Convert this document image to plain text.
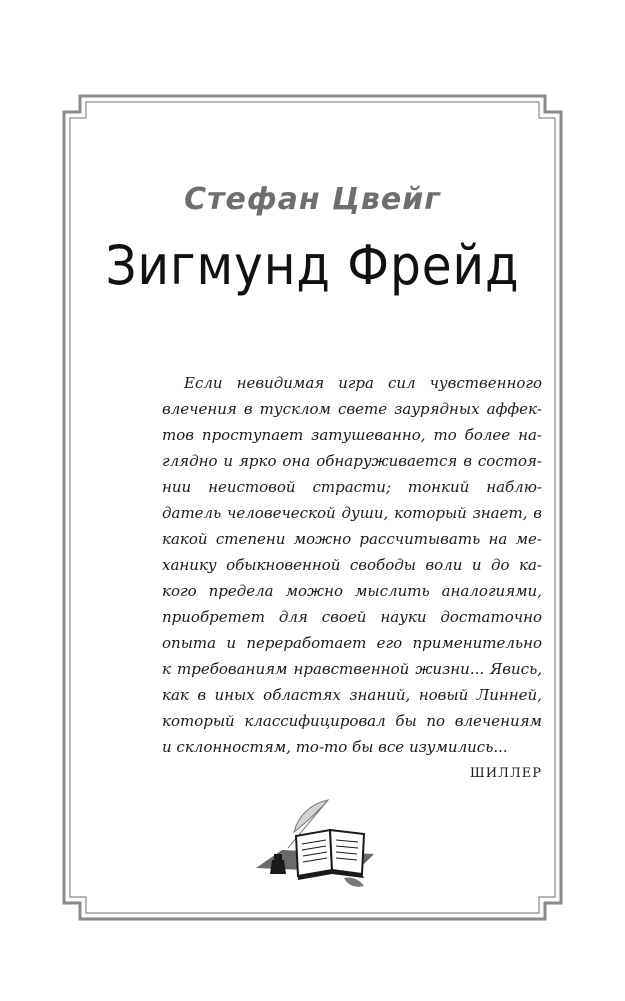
Стефан Цвейг
Зигмунд Фрейд
Если невидимая игра сил чувственного
влечения в тусклом свете заурядных аффек-
тов проступает затушеванно, то более на-
глядно и ярко она обнаруживается в состоя-
нии неистовой страсти; тонкий наблю-
датель человеческой души, который знает, в
какой степени можно рассчитывать на ме-
ханику обыкновенной свободы воли и до ка-
кого предела можно мыслить аналогиями,
приобретет для своей науки достаточно
опыта и переработает его применительно
к требованиям нравственной жизни... Явись,
как в иных областях знаний, новый Линней,
который классифицировал бы по влечениям
и склонностям, то-то бы все изумились...
ШИЛЛЕР
